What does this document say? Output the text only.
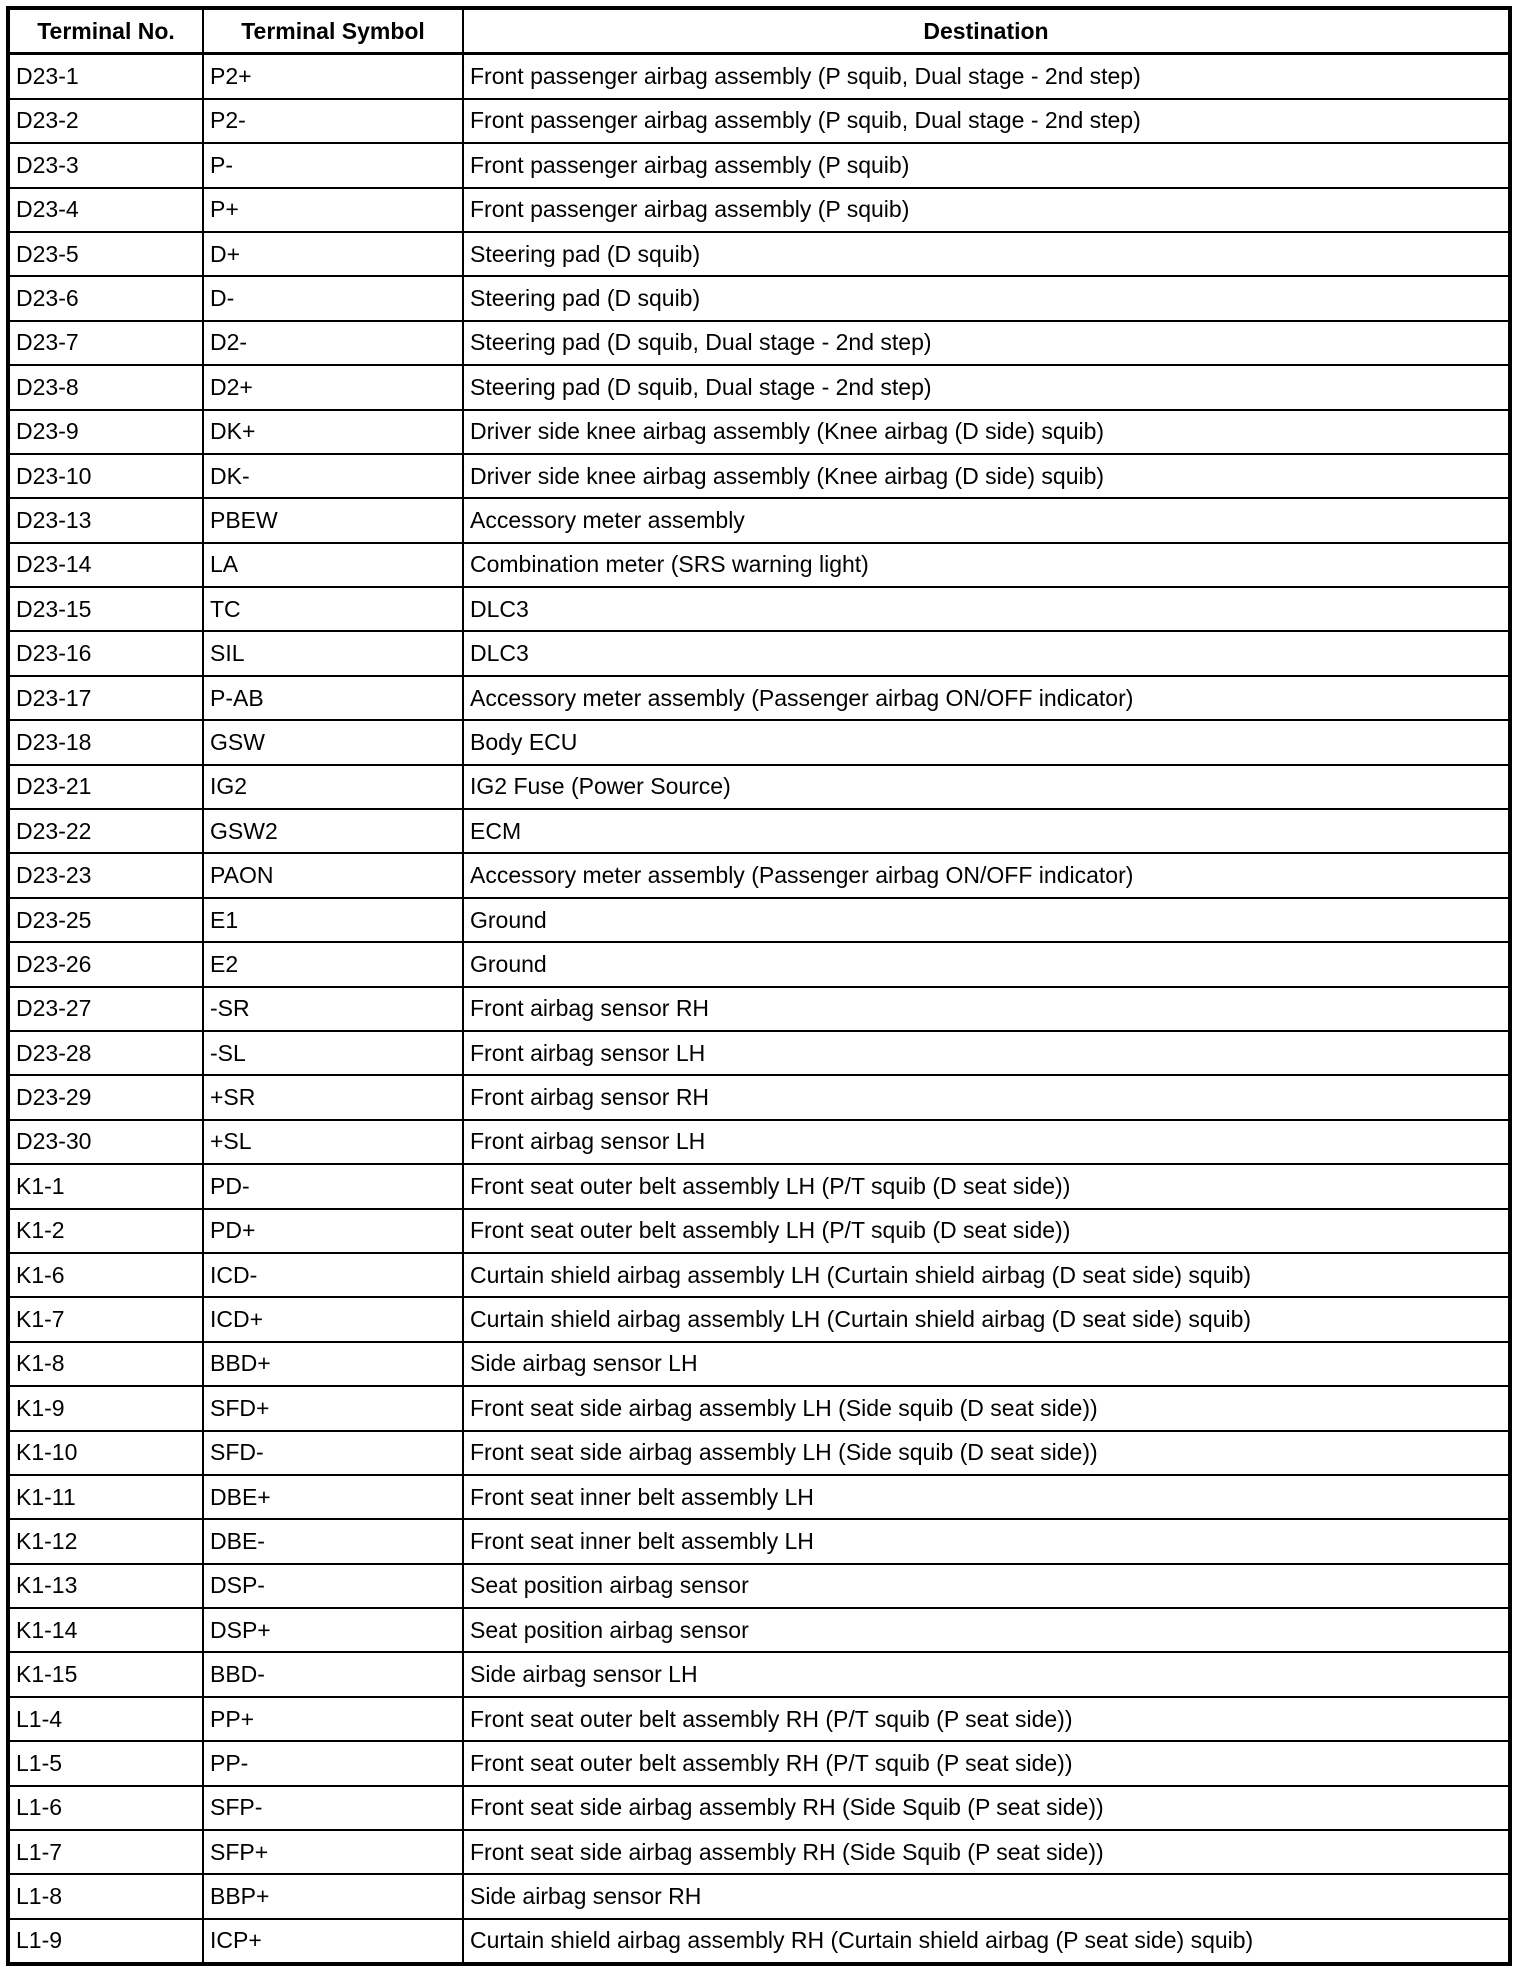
Terminal No.	Terminal Symbol	Destination
D23-1	P2+	Front passenger airbag assembly (P squib, Dual stage - 2nd step)
D23-2	P2-	Front passenger airbag assembly (P squib, Dual stage - 2nd step)
D23-3	P-	Front passenger airbag assembly (P squib)
D23-4	P+	Front passenger airbag assembly (P squib)
D23-5	D+	Steering pad (D squib)
D23-6	D-	Steering pad (D squib)
D23-7	D2-	Steering pad (D squib, Dual stage - 2nd step)
D23-8	D2+	Steering pad (D squib, Dual stage - 2nd step)
D23-9	DK+	Driver side knee airbag assembly (Knee airbag (D side) squib)
D23-10	DK-	Driver side knee airbag assembly (Knee airbag (D side) squib)
D23-13	PBEW	Accessory meter assembly
D23-14	LA	Combination meter (SRS warning light)
D23-15	TC	DLC3
D23-16	SIL	DLC3
D23-17	P-AB	Accessory meter assembly (Passenger airbag ON/OFF indicator)
D23-18	GSW	Body ECU
D23-21	IG2	IG2 Fuse (Power Source)
D23-22	GSW2	ECM
D23-23	PAON	Accessory meter assembly (Passenger airbag ON/OFF indicator)
D23-25	E1	Ground
D23-26	E2	Ground
D23-27	-SR	Front airbag sensor RH
D23-28	-SL	Front airbag sensor LH
D23-29	+SR	Front airbag sensor RH
D23-30	+SL	Front airbag sensor LH
K1-1	PD-	Front seat outer belt assembly LH (P/T squib (D seat side))
K1-2	PD+	Front seat outer belt assembly LH (P/T squib (D seat side))
K1-6	ICD-	Curtain shield airbag assembly LH (Curtain shield airbag (D seat side) squib)
K1-7	ICD+	Curtain shield airbag assembly LH (Curtain shield airbag (D seat side) squib)
K1-8	BBD+	Side airbag sensor LH
K1-9	SFD+	Front seat side airbag assembly LH (Side squib (D seat side))
K1-10	SFD-	Front seat side airbag assembly LH (Side squib (D seat side))
K1-11	DBE+	Front seat inner belt assembly LH
K1-12	DBE-	Front seat inner belt assembly LH
K1-13	DSP-	Seat position airbag sensor
K1-14	DSP+	Seat position airbag sensor
K1-15	BBD-	Side airbag sensor LH
L1-4	PP+	Front seat outer belt assembly RH (P/T squib (P seat side))
L1-5	PP-	Front seat outer belt assembly RH (P/T squib (P seat side))
L1-6	SFP-	Front seat side airbag assembly RH (Side Squib (P seat side))
L1-7	SFP+	Front seat side airbag assembly RH (Side Squib (P seat side))
L1-8	BBP+	Side airbag sensor RH
L1-9	ICP+	Curtain shield airbag assembly RH (Curtain shield airbag (P seat side) squib)
